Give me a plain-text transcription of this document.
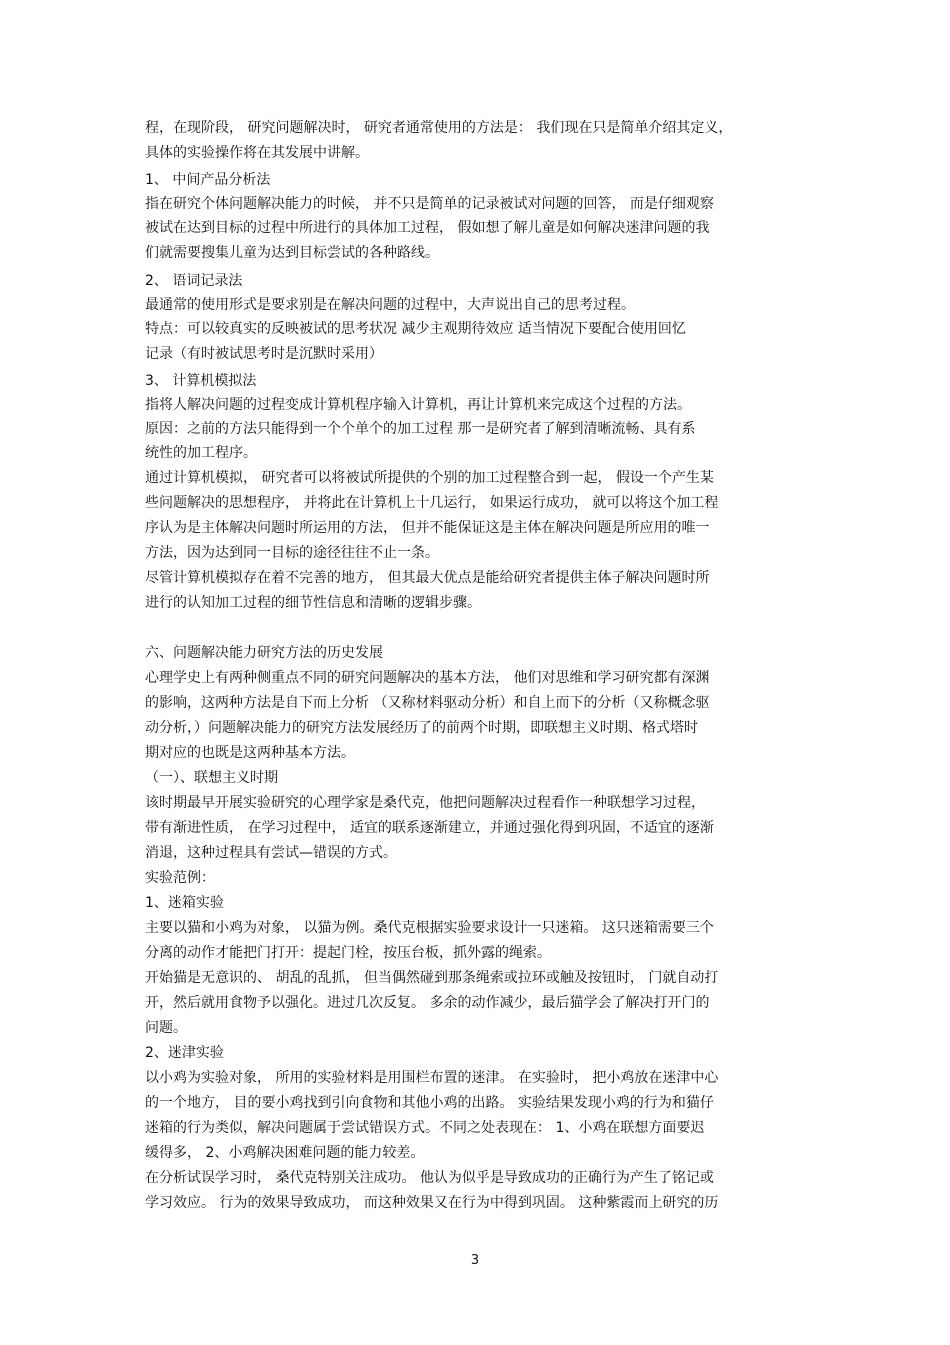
程，在现阶段， 研究问题解决时， 研究者通常使用的方法是： 我们现在只是简单介绍其定义，
具体的实验操作将在其发展中讲解。
1、 中间产品分析法
指在研究个体问题解决能力的时候， 并不只是简单的记录被试对问题的回答， 而是仔细观察
被试在达到目标的过程中所进行的具体加工过程， 假如想了解儿童是如何解决迷津问题的我
们就需要搜集儿童为达到目标尝试的各种路线。
2、 语词记录法
最通常的使用形式是要求别是在解决问题的过程中，大声说出自己的思考过程。
特点：可以较真实的反映被试的思考状况 减少主观期待效应 适当情况下要配合使用回忆
记录（有时被试思考时是沉默时采用）
3、 计算机模拟法
指将人解决问题的过程变成计算机程序输入计算机，再让计算机来完成这个过程的方法。
原因：之前的方法只能得到一个个单个的加工过程 那一是研究者了解到清晰流畅、具有系
统性的加工程序。
通过计算机模拟， 研究者可以将被试所提供的个别的加工过程整合到一起， 假设一个产生某
些问题解决的思想程序， 并将此在计算机上十几运行， 如果运行成功， 就可以将这个加工程
序认为是主体解决问题时所运用的方法， 但并不能保证这是主体在解决问题是所应用的唯一
方法，因为达到同一目标的途径往往不止一条。
尽管计算机模拟存在着不完善的地方， 但其最大优点是能给研究者提供主体子解决问题时所
进行的认知加工过程的细节性信息和清晰的逻辑步骤。
六、问题解决能力研究方法的历史发展
心理学史上有两种侧重点不同的研究问题解决的基本方法， 他们对思维和学习研究都有深渊
的影响，这两种方法是自下而上分析 （又称材料驱动分析）和自上而下的分析（又称概念驱
动分析，）问题解决能力的研究方法发展经历了的前两个时期，即联想主义时期、格式塔时
期对应的也既是这两种基本方法。
（一）、联想主义时期
该时期最早开展实验研究的心理学家是桑代克，他把问题解决过程看作一种联想学习过程，
带有渐进性质， 在学习过程中， 适宜的联系逐渐建立，并通过强化得到巩固，不适宜的逐渐
消退，这种过程具有尝试—错误的方式。
实验范例：
1、迷箱实验
主要以猫和小鸡为对象， 以猫为例。桑代克根据实验要求设计一只迷箱。 这只迷箱需要三个
分离的动作才能把门打开：提起门栓，按压台板，抓外露的绳索。
开始猫是无意识的、 胡乱的乱抓， 但当偶然碰到那条绳索或拉环或触及按钮时， 门就自动打
开，然后就用食物予以强化。进过几次反复。 多余的动作减少，最后猫学会了解决打开门的
问题。
2、迷津实验
以小鸡为实验对象， 所用的实验材料是用围栏布置的迷津。 在实验时， 把小鸡放在迷津中心
的一个地方， 目的要小鸡找到引向食物和其他小鸡的出路。 实验结果发现小鸡的行为和猫仔
迷箱的行为类似，解决问题属于尝试错误方式。不同之处表现在： 1、小鸡在联想方面要迟
缓得多， 2、小鸡解决困难问题的能力较差。
在分析试误学习时， 桑代克特别关注成功。 他认为似乎是导致成功的正确行为产生了铭记或
学习效应。 行为的效果导致成功， 而这种效果又在行为中得到巩固。 这种紫霞而上研究的历
3
